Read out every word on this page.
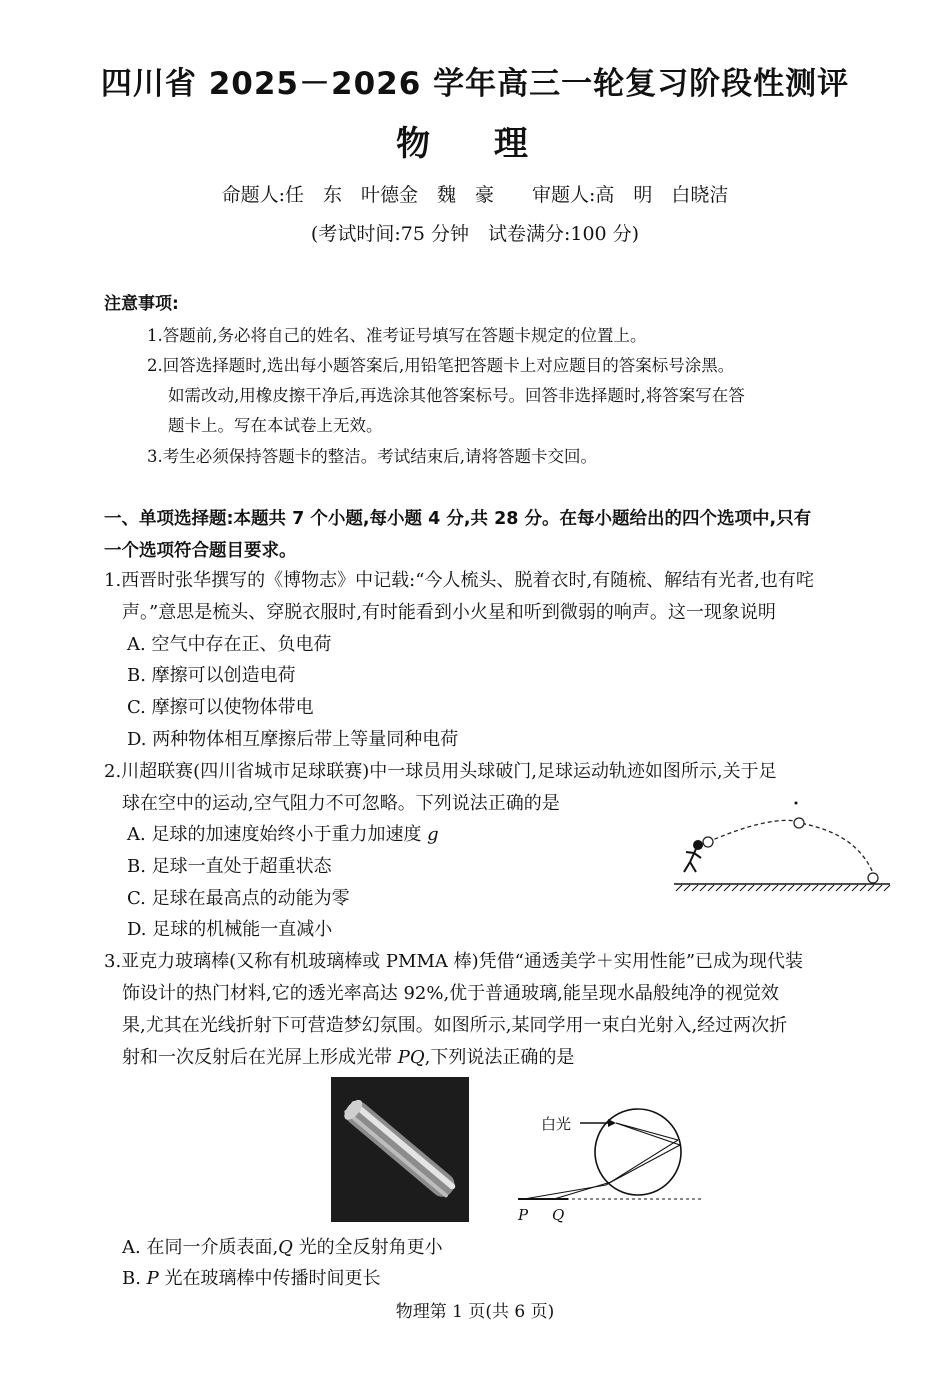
四川省 2025－2026 学年高三一轮复习阶段性测评
物 理
命题人:任　东　叶德金　魏　豪　　审题人:高　明　白晓洁
(考试时间:75 分钟　试卷满分:100 分)
注意事项:
1.答题前,务必将自己的姓名、准考证号填写在答题卡规定的位置上。
2.回答选择题时,选出每小题答案后,用铅笔把答题卡上对应题目的答案标号涂黑。
如需改动,用橡皮擦干净后,再选涂其他答案标号。回答非选择题时,将答案写在答
题卡上。写在本试卷上无效。
3.考生必须保持答题卡的整洁。考试结束后,请将答题卡交回。
一、单项选择题:本题共 7 个小题,每小题 4 分,共 28 分。在每小题给出的四个选项中,只有
一个选项符合题目要求。
1.西晋时张华撰写的《博物志》中记载:“今人梳头、脱着衣时,有随梳、解结有光者,也有咤
声。”意思是梳头、穿脱衣服时,有时能看到小火星和听到微弱的响声。这一现象说明
A. 空气中存在正、负电荷
B. 摩擦可以创造电荷
C. 摩擦可以使物体带电
D. 两种物体相互摩擦后带上等量同种电荷
2.川超联赛(四川省城市足球联赛)中一球员用头球破门,足球运动轨迹如图所示,关于足
球在空中的运动,空气阻力不可忽略。下列说法正确的是
A. 足球的加速度始终小于重力加速度 g
B. 足球一直处于超重状态
C. 足球在最高点的动能为零
D. 足球的机械能一直减小
3.亚克力玻璃棒(又称有机玻璃棒或 PMMA 棒)凭借“通透美学＋实用性能”已成为现代装
饰设计的热门材料,它的透光率高达 92%,优于普通玻璃,能呈现水晶般纯净的视觉效
果,尤其在光线折射下可营造梦幻氛围。如图所示,某同学用一束白光射入,经过两次折
射和一次反射后在光屏上形成光带 PQ,下列说法正确的是
白光
P Q
A. 在同一介质表面,Q 光的全反射角更小
B. P 光在玻璃棒中传播时间更长
物理第 1 页(共 6 页)
